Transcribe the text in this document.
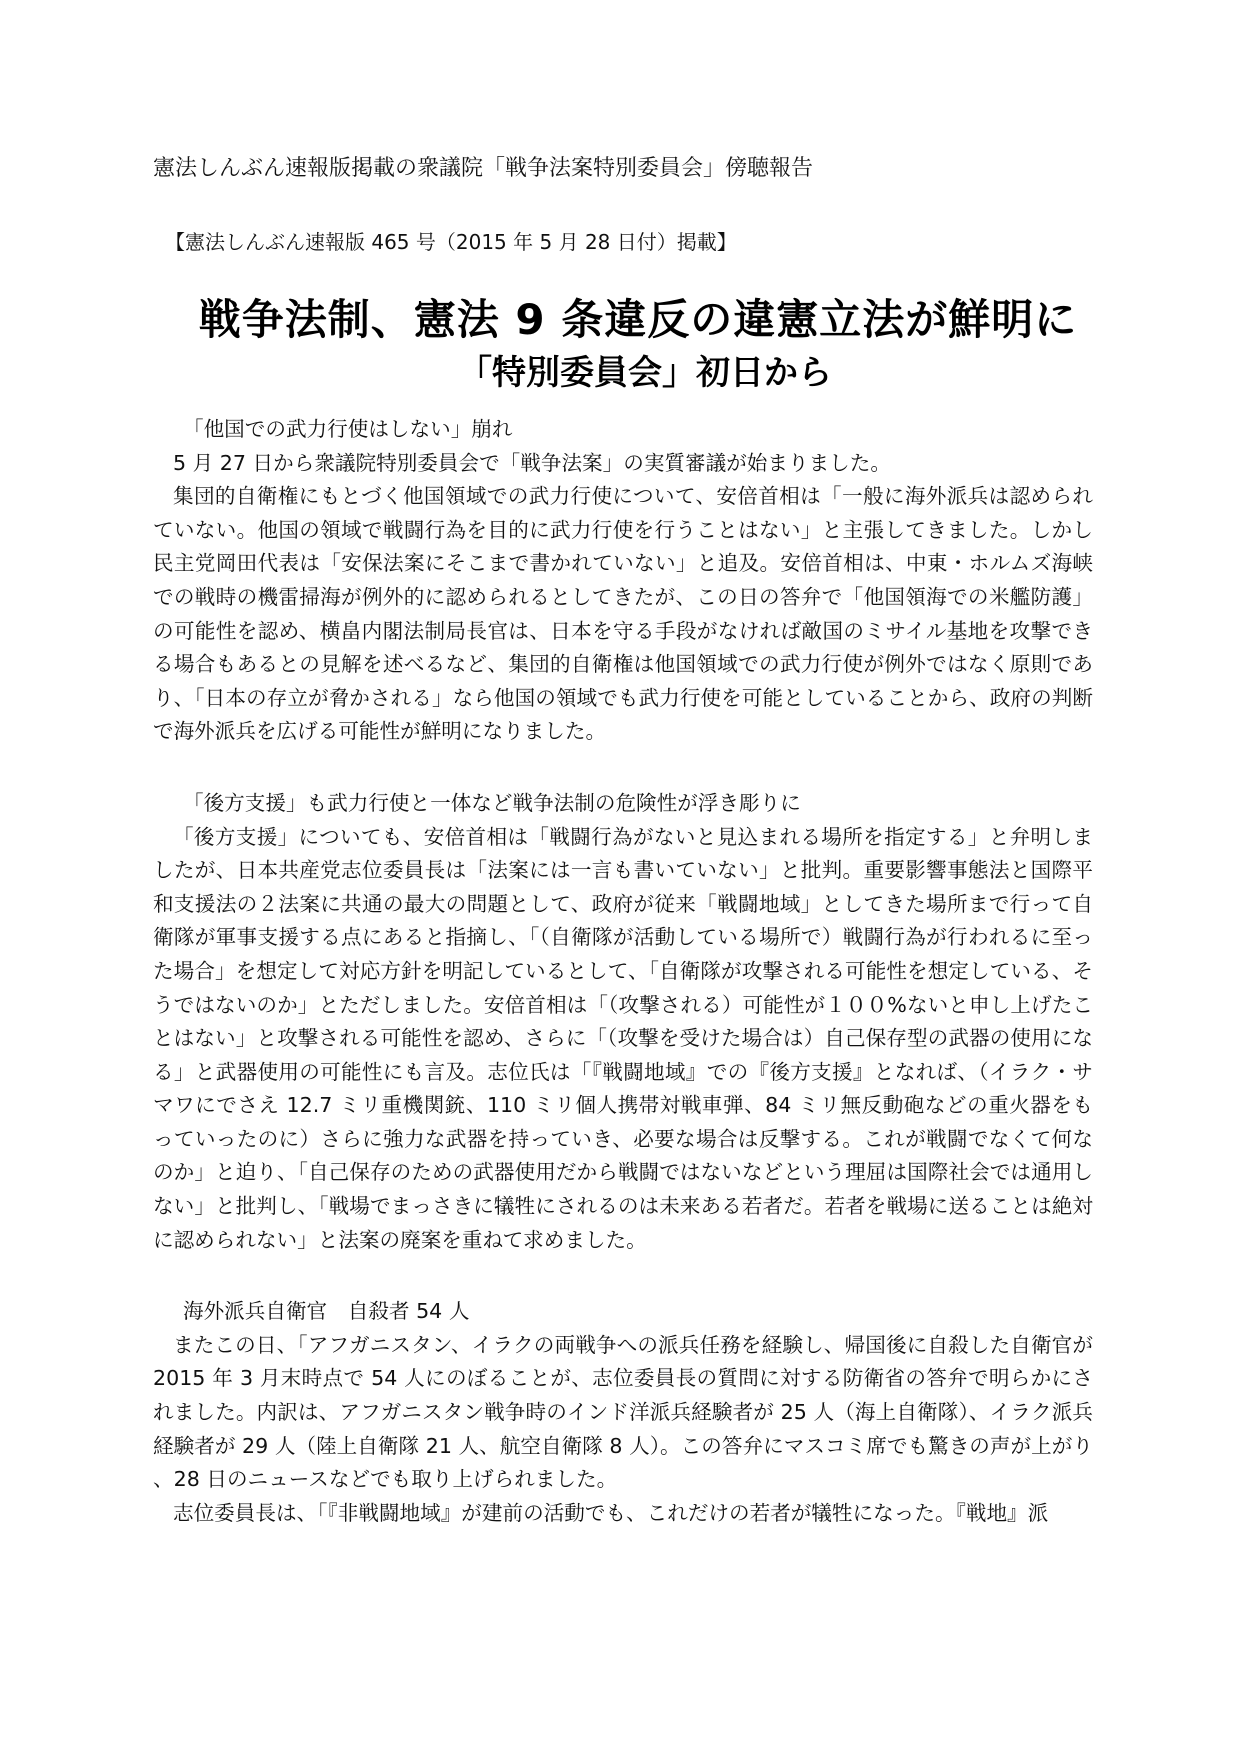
憲法しんぶん速報版掲載の衆議院「戦争法案特別委員会」傍聴報告
【憲法しんぶん速報版 465 号（2015 年 5 月 28 日付）掲載】
戦争法制、憲法 9 条違反の違憲立法が鮮明に
「特別委員会」初日から

「他国での武力行使はしない」崩れ

5 月 27 日から衆議院特別委員会で「戦争法案」の実質審議が始まりました。

集団的自衛権にもとづく他国領域での武力行使について、安倍首相は「一般に海外派兵は認められていない。他国の領域で戦闘行為を目的に武力行使を行うことはない」と主張してきました。しかし民主党岡田代表は「安保法案にそこまで書かれていない」と追及。安倍首相は、中東・ホルムズ海峡での戦時の機雷掃海が例外的に認められるとしてきたが、この日の答弁で「他国領海での米艦防護」の可能性を認め、横畠内閣法制局長官は、日本を守る手段がなければ敵国のミサイル基地を攻撃できる場合もあるとの見解を述べるなど、集団的自衛権は他国領域での武力行使が例外ではなく原則であり、「日本の存立が脅かされる」なら他国の領域でも武力行使を可能としていることから、政府の判断で海外派兵を広げる可能性が鮮明になりました。

「後方支援」も武力行使と一体など戦争法制の危険性が浮き彫りに

「後方支援」についても、安倍首相は「戦闘行為がないと見込まれる場所を指定する」と弁明しましたが、日本共産党志位委員長は「法案には一言も書いていない」と批判。重要影響事態法と国際平和支援法の２法案に共通の最大の問題として、政府が従来「戦闘地域」としてきた場所まで行って自衛隊が軍事支援する点にあると指摘し、「（自衛隊が活動している場所で）戦闘行為が行われるに至った場合」を想定して対応方針を明記しているとして、「自衛隊が攻撃される可能性を想定している、そうではないのか」とただしました。安倍首相は「（攻撃される）可能性が１００%ないと申し上げたことはない」と攻撃される可能性を認め、さらに「（攻撃を受けた場合は）自己保存型の武器の使用になる」と武器使用の可能性にも言及。志位氏は「『戦闘地域』での『後方支援』となれば、（イラク・サマワにでさえ 12.7 ミリ重機関銃、110 ミリ個人携帯対戦車弾、84 ミリ無反動砲などの重火器をもっていったのに）さらに強力な武器を持っていき、必要な場合は反撃する。これが戦闘でなくて何なのか」と迫り、「自己保存のための武器使用だから戦闘ではないなどという理屈は国際社会では通用しない」と批判し、「戦場でまっさきに犠牲にされるのは未来ある若者だ。若者を戦場に送ることは絶対に認められない」と法案の廃案を重ねて求めました。

海外派兵自衛官　自殺者 54 人

またこの日、「アフガニスタン、イラクの両戦争への派兵任務を経験し、帰国後に自殺した自衛官が 2015 年 3 月末時点で 54 人にのぼることが、志位委員長の質問に対する防衛省の答弁で明らかにされました。内訳は、アフガニスタン戦争時のインド洋派兵経験者が 25 人（海上自衛隊）、イラク派兵経験者が 29 人（陸上自衛隊 21 人、航空自衛隊 8 人）。この答弁にマスコミ席でも驚きの声が上がり、28 日のニュースなどでも取り上げられました。

志位委員長は、「『非戦闘地域』が建前の活動でも、これだけの若者が犠牲になった。『戦地』派
